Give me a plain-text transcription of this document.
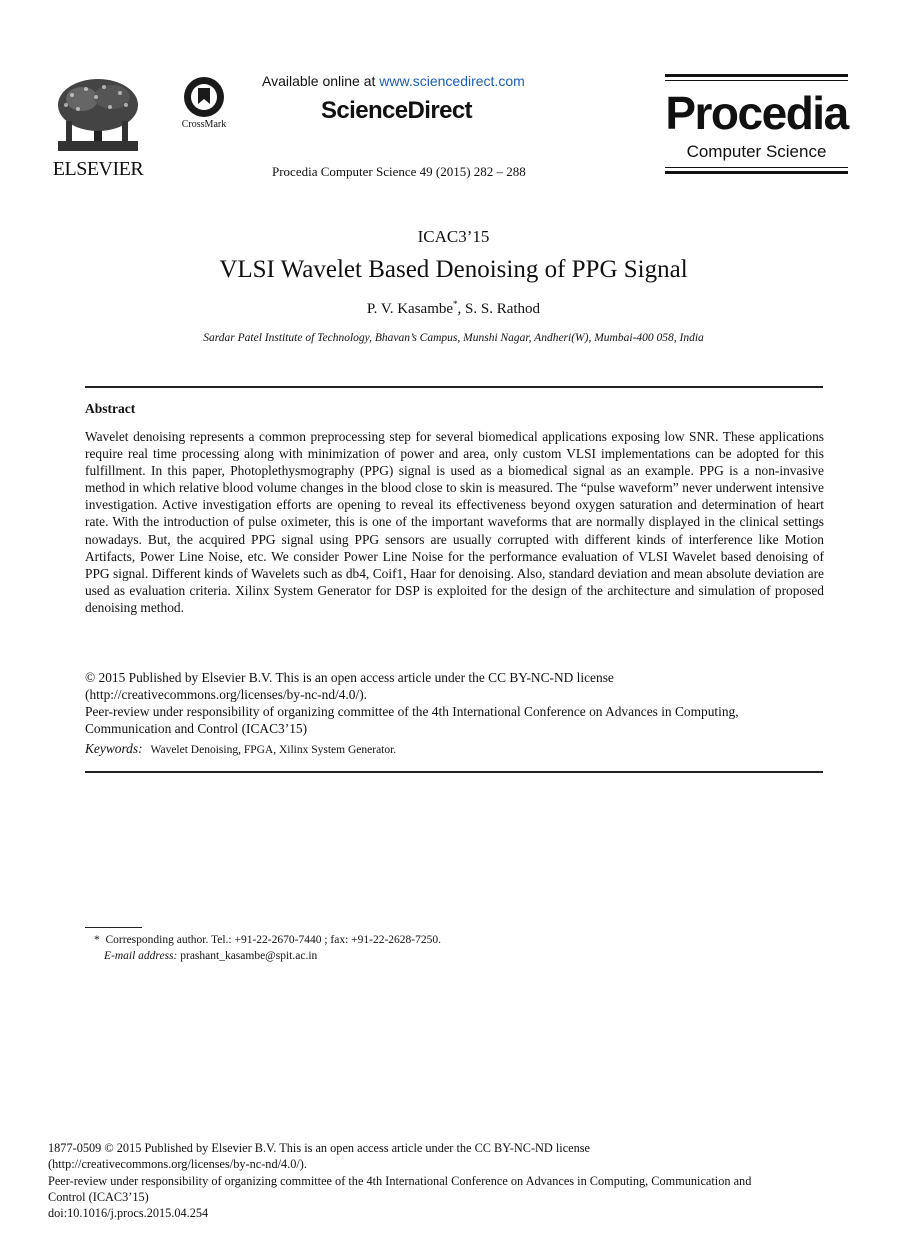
ELSEVIER
CrossMark
Available online at www.sciencedirect.com
ScienceDirect
Procedia Computer Science 49 (2015) 282 – 288
Procedia
Computer Science
ICAC3’15
VLSI Wavelet Based Denoising of PPG Signal
P. V. Kasambe*, S. S. Rathod
Sardar Patel Institute of Technology, Bhavan’s Campus, Munshi Nagar, Andheri(W), Mumbai-400 058, India
Abstract

Wavelet denoising represents a common preprocessing step for several biomedical applications exposing low SNR. These applications require real time processing along with minimization of power and area, only custom VLSI implementations can be adopted for this fulfillment. In this paper, Photoplethysmography (PPG) signal is used as a biomedical signal as an example. PPG is a non-invasive method in which relative blood volume changes in the blood close to skin is measured. The “pulse waveform” never underwent intensive investigation. Active investigation efforts are opening to reveal its effectiveness beyond oxygen saturation and determination of heart rate. With the introduction of pulse oximeter, this is one of the important waveforms that are normally displayed in the clinical settings nowadays. But, the acquired PPG signal using PPG sensors are usually corrupted with different kinds of interference like Motion Artifacts, Power Line Noise, etc. We consider Power Line Noise for the performance evaluation of VLSI Wavelet based denoising of PPG signal. Different kinds of Wavelets such as db4, Coif1, Haar for denoising. Also, standard deviation and mean absolute deviation are used as evaluation criteria. Xilinx System Generator for DSP is exploited for the design of the architecture and simulation of proposed denoising method.

© 2015 Published by Elsevier B.V. This is an open access article under the CC BY-NC-ND license
(http://creativecommons.org/licenses/by-nc-nd/4.0/).
Peer-review under responsibility of organizing committee of the 4th International Conference on Advances in Computing,
Communication and Control (ICAC3’15)
Keywords: Wavelet Denoising, FPGA, Xilinx System Generator.
* Corresponding author. Tel.: +91-22-2670-7440 ; fax: +91-22-2628-7250.
E-mail address: prashant_kasambe@spit.ac.in
1877-0509 © 2015 Published by Elsevier B.V. This is an open access article under the CC BY-NC-ND license
(http://creativecommons.org/licenses/by-nc-nd/4.0/).
Peer-review under responsibility of organizing committee of the 4th International Conference on Advances in Computing, Communication and
Control (ICAC3’15)
doi:10.1016/j.procs.2015.04.254
